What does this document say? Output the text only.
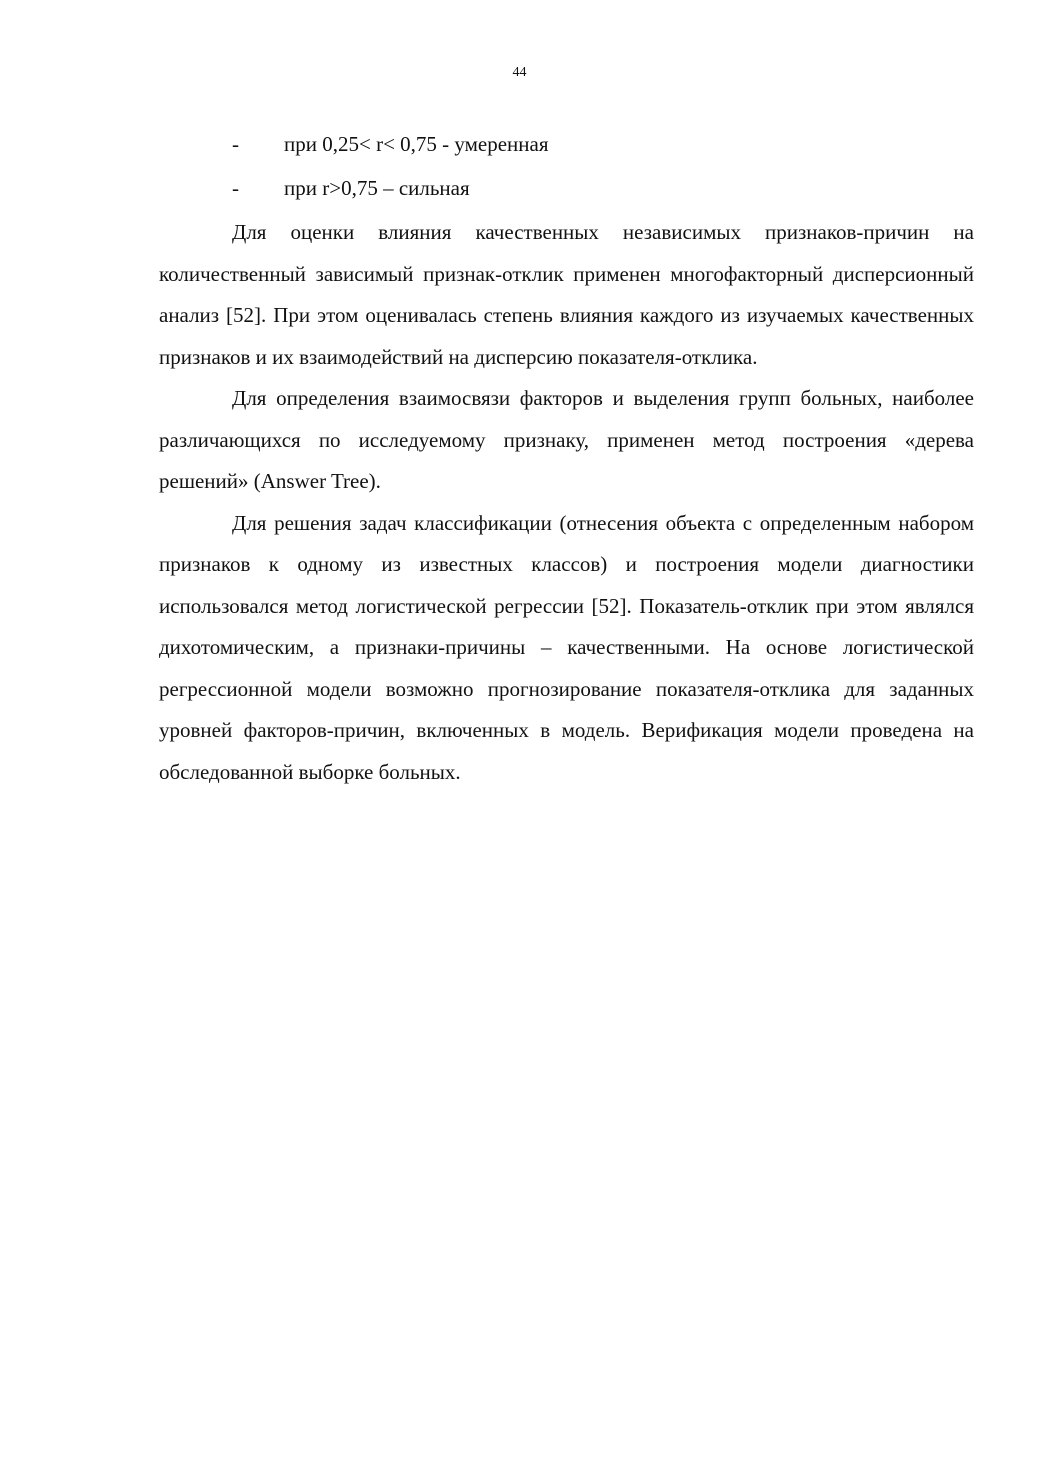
44
- при 0,25< r< 0,75 - умеренная
- при r>0,75 – сильная

Для оценки влияния качественных независимых признаков-причин на количественный зависимый признак-отклик применен многофакторный дисперсионный анализ [52]. При этом оценивалась степень влияния каждого из изучаемых качественных признаков и их взаимодействий на дисперсию показателя-отклика.

Для определения взаимосвязи факторов и выделения групп больных, наиболее различающихся по исследуемому признаку, применен метод построения «дерева решений» (Answer Tree).

Для решения задач классификации (отнесения объекта с определенным набором признаков к одному из известных классов) и построения модели диагностики использовался метод логистической регрессии [52]. Показатель-отклик при этом являлся дихотомическим, а признаки-причины – качественными. На основе логистической регрессионной модели возможно прогнозирование показателя-отклика для заданных уровней факторов-причин, включенных в модель. Верификация модели проведена на обследованной выборке больных.
